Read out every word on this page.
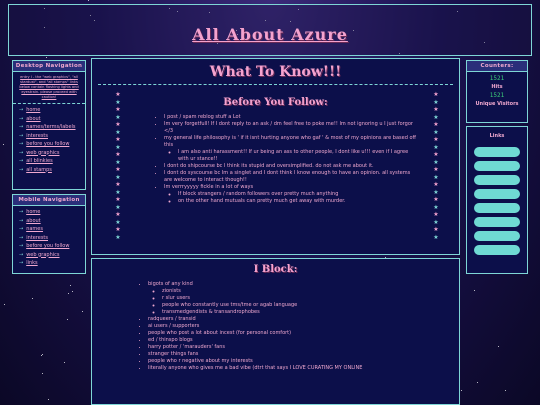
All About Azure
Desktop Navigation
entry I - the "web graphics", "all stardust", and "all stamps" links below contain flashing lights and eyestrain. please proceed with caution!
→ home
→ about
→ names/terms/labels
→ interests
→ before you follow
→ web graphics
→ all blinkies
→ all stamps
Mobile Navigation
→ home
→ about
→ names
→ interests
→ before you follow
→ web graphics
→ links
What To Know!!!
★
★
★
★
★
★
★
★
★
★
★
★
★
★
★
★
★
★
★
★
★
★
★
★
★
★
★
★
★
★
★
★
★
★
★
★
★
★
★
★
Before You Follow:
• I post / spam reblog stuff a Lot
• Im very forgetfull! If I dont reply to an ask / dm feel free to poke me!! Im not ignoring u I just forgor </3
• my general life philosophy is ' if it isnt hurting anyone who gaf ' & most of my opinions are based off this
◦ I am also anti harassment!! If ur being an ass to other people, I dont like u!!! even if I agree with ur stance!!
• I dont do shipcourse bc I think its stupid and oversimplified. do not ask me about it.
• I dont do syscourse bc Im a singlet and I dont think I know enough to have an opinion. all systems are welcome to interact though!!
• Im verrryyyyy fickle in a lot of ways
◦ If block strangers / random followers over pretty much anything
◦ on the other hand mutuals can pretty much get away with murder.
I Block:
• bigots of any kind
◦ zionists
◦ r slur users
◦ people who constantly use tms/tme or agab language
◦ transmedgendists & transandrophobes
• radqueers / transid
• ai users / supporters
• people who post a lot about incest (for personal comfort)
• ed / thinspo blogs
• harry potter / 'marauders' fans
• stranger things fans
• people who r negative about my interests
• literally anyone who gives me a bad vibe (dtrt that says I LOVE CURATING MY ONLINE
Counters:
1521
Hits
1521
Unique Visitors
Links
